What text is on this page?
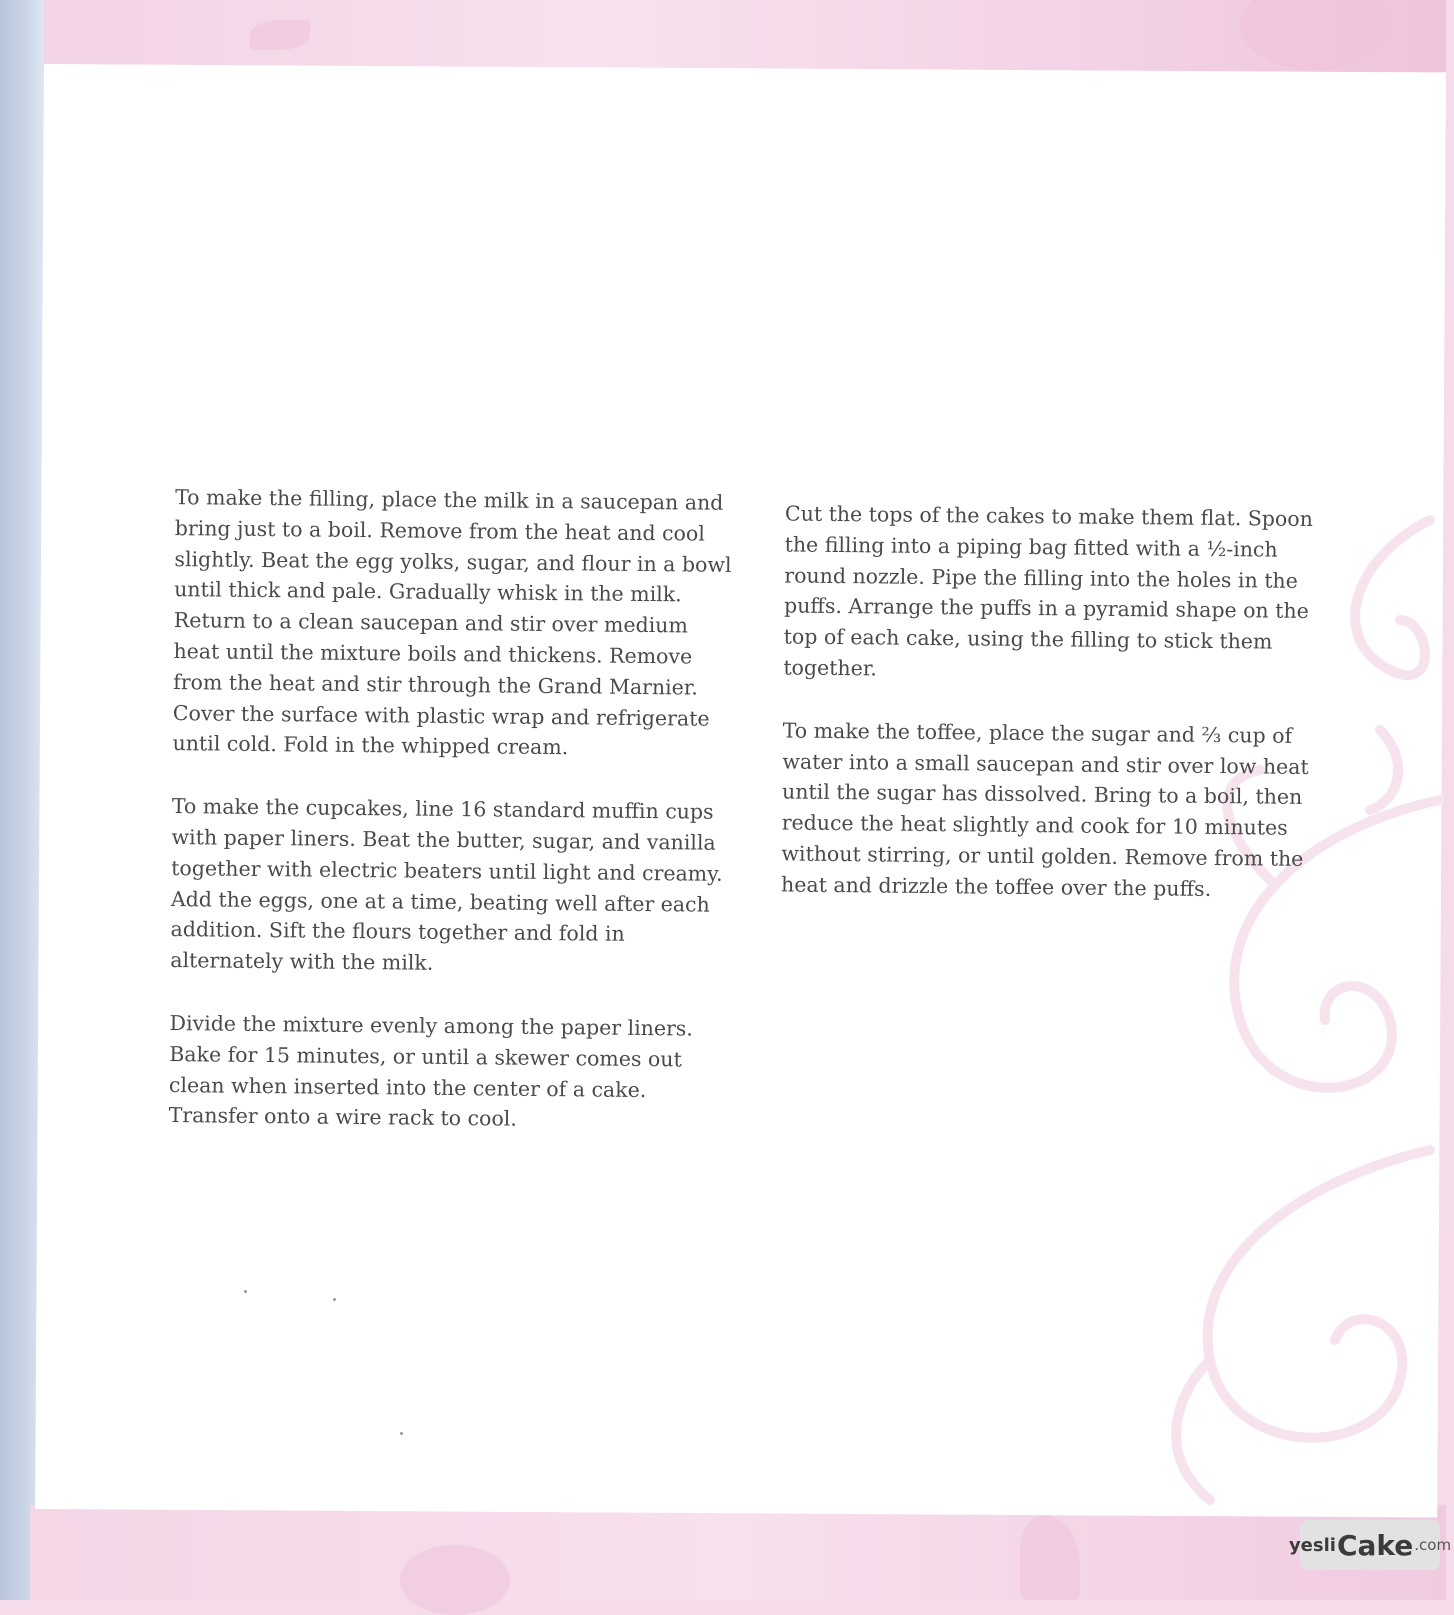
To make the filling, place the milk in a saucepan and bring just to a boil. Remove from the heat and cool slightly. Beat the egg yolks, sugar, and flour in a bowl until thick and pale. Gradually whisk in the milk. Return to a clean saucepan and stir over medium heat until the mixture boils and thickens. Remove from the heat and stir through the Grand Marnier. Cover the surface with plastic wrap and refrigerate until cold. Fold in the whipped cream.

To make the cupcakes, line 16 standard muffin cups with paper liners. Beat the butter, sugar, and vanilla together with electric beaters until light and creamy. Add the eggs, one at a time, beating well after each addition. Sift the flours together and fold in alternately with the milk.

Divide the mixture evenly among the paper liners. Bake for 15 minutes, or until a skewer comes out clean when inserted into the center of a cake. Transfer onto a wire rack to cool.

Cut the tops of the cakes to make them flat. Spoon the filling into a piping bag fitted with a ½-inch round nozzle. Pipe the filling into the holes in the puffs. Arrange the puffs in a pyramid shape on the top of each cake, using the filling to stick them together.

To make the toffee, place the sugar and ⅔ cup of water into a small saucepan and stir over low heat until the sugar has dissolved. Bring to a boil, then reduce the heat slightly and cook for 10 minutes without stirring, or until golden. Remove from the heat and drizzle the toffee over the puffs.

yesli Cake .com
